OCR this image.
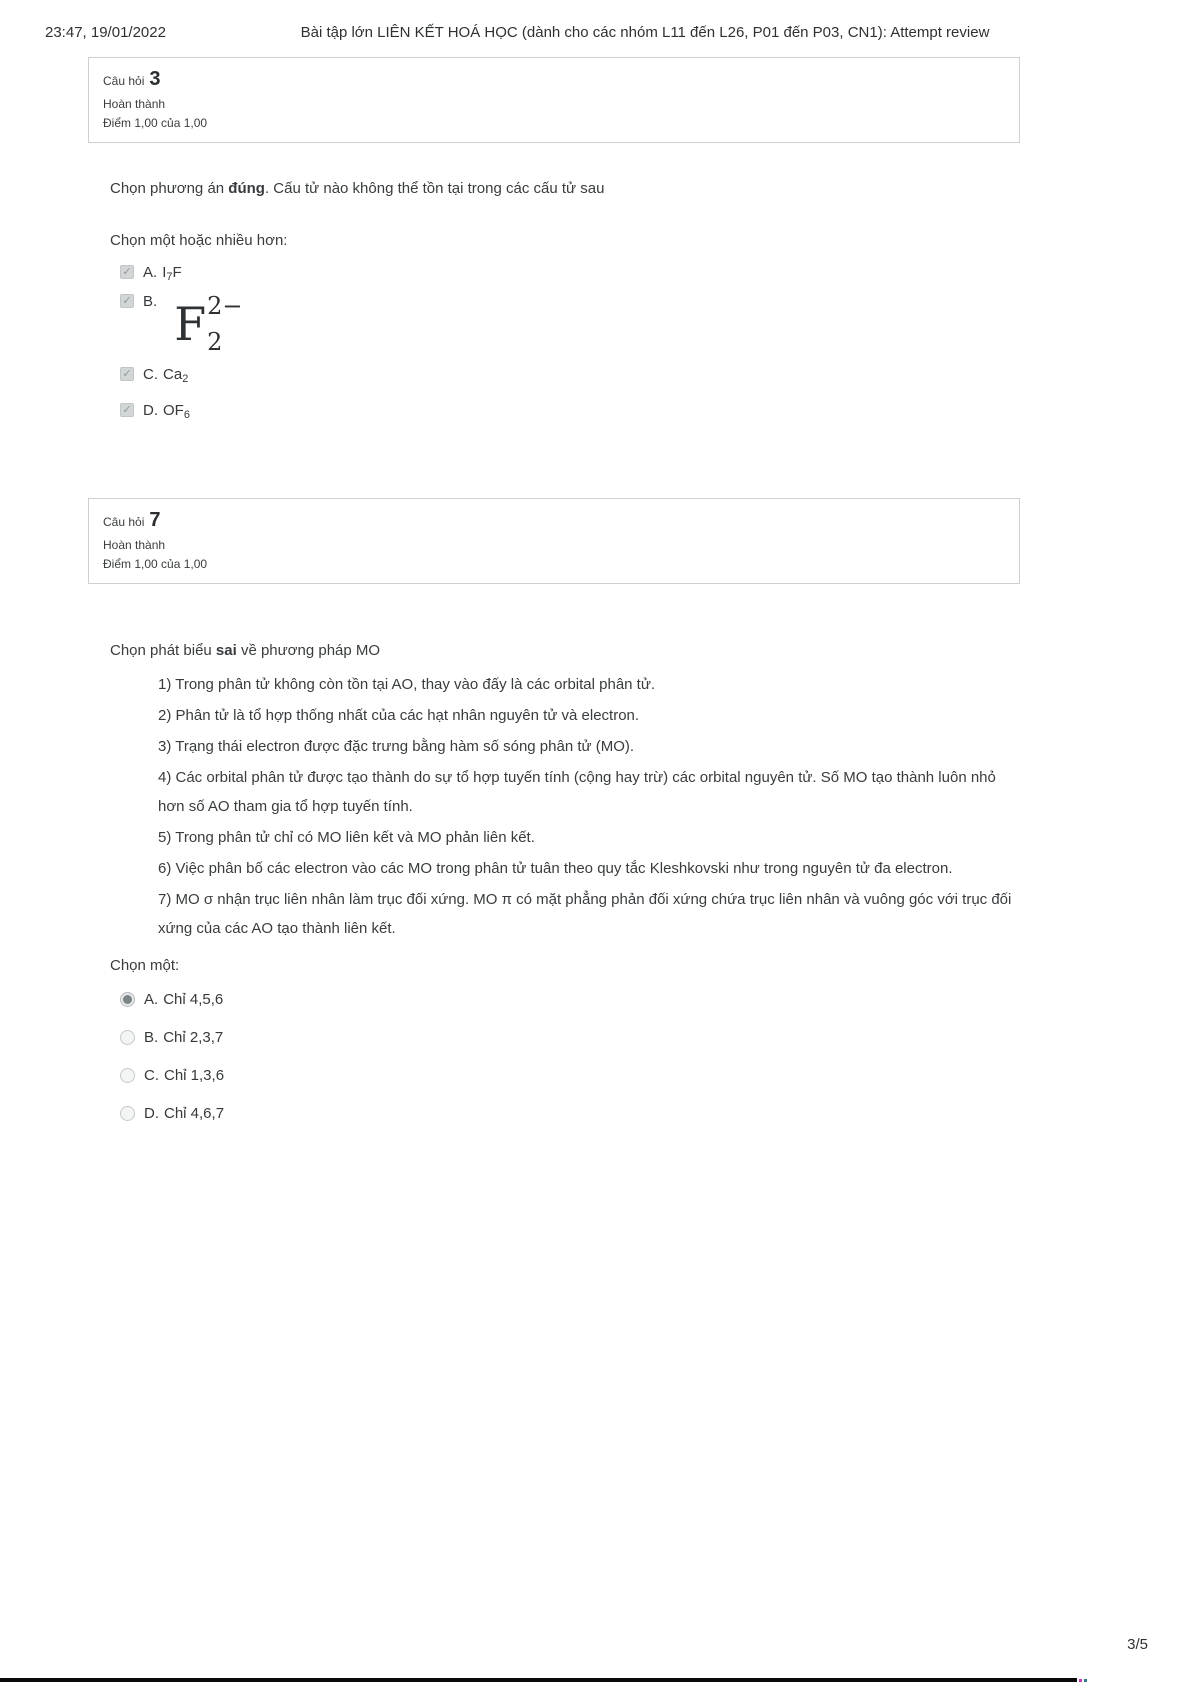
23:47, 19/01/2022	Bài tập lớn LIÊN KẾT HOÁ HỌC (dành cho các nhóm L11 đến L26, P01 đến P03, CN1): Attempt review
Câu hỏi 3
Hoàn thành
Điểm 1,00 của 1,00

Chọn phương án đúng. Cấu tử nào không thể tồn tại trong các cấu tử sau

Chọn một hoặc nhiều hơn:

✓ A. $I_7F$
✓ B. F 2−
2
✓ C. $Ca_2$
✓ D. $OF_6$
Câu hỏi 7
Hoàn thành
Điểm 1,00 của 1,00

Chọn phát biểu sai về phương pháp MO

1) Trong phân tử không còn tồn tại AO, thay vào đấy là các orbital phân tử.
2) Phân tử là tổ hợp thống nhất của các hạt nhân nguyên tử và electron.
3) Trạng thái electron được đặc trưng bằng hàm số sóng phân tử (MO).
4) Các orbital phân tử được tạo thành do sự tổ hợp tuyến tính (cộng hay trừ) các orbital nguyên tử. Số MO tạo thành luôn nhỏ hơn số AO tham gia tổ hợp tuyến tính.
5) Trong phân tử chỉ có MO liên kết và MO phản liên kết.
6) Việc phân bố các electron vào các MO trong phân tử tuân theo quy tắc Kleshkovski như trong nguyên tử đa electron.
7) MO σ nhận trục liên nhân làm trục đối xứng. MO π có mặt phẳng phản đối xứng chứa trục liên nhân và vuông góc với trục đối xứng của các AO tạo thành liên kết.

Chọn một:

A. Chỉ 4,5,6
B. Chỉ 2,3,7
C. Chỉ 1,3,6
D. Chỉ 4,6,7
3/5
